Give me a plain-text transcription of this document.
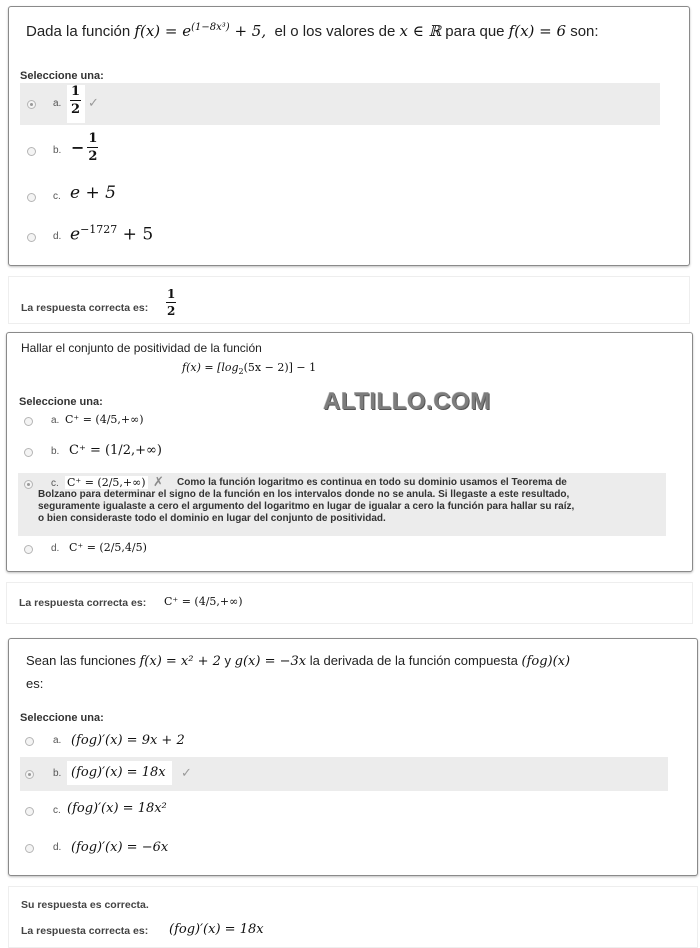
Dada la función $f(x) = e^{(1-8x^3)} + 5$, el o los valores de x ∈ ℝ para que f(x) = 6 son:
Seleccione una:
a. $\frac{1}{2}$ ✓
b. − $\frac{1}{2}$
c. e + 5
d. $e^{-1727} + 5$
La respuesta correcta es: $\frac{1}{2}$
Hallar el conjunto de positividad de la función
$f(x) = [\log_2(5x - 2)] - 1$
Seleccione una:
a. C⁺ = (4/5,+∞)
b. C⁺ = (1/2,+∞)
c. C⁺ = (2/5,+∞) ✗	Como la función logaritmo es continua en todo su dominio usamos el Teorema de
Bolzano para determinar el signo de la función en los intervalos donde no se anula. Si llegaste a este resultado,
seguramente igualaste a cero el argumento del logaritmo en lugar de igualar a cero la función para hallar su raíz,
o bien consideraste todo el dominio en lugar del conjunto de positividad.
d. C⁺ = (2/5,4/5)
ALTILLO.COM
La respuesta correcta es: C⁺ = (4/5,+∞)
Sean las funciones f(x) = x² + 2 y g(x) = −3x la derivada de la función compuesta (fog)(x)
es:
Seleccione una:
a. (fog)′(x) = 9x + 2
b. (fog)′(x) = 18x	✓
c. (fog)′(x) = 18x²
d. (fog)′(x) = −6x
Su respuesta es correcta.
La respuesta correcta es: (fog)′(x) = 18x
